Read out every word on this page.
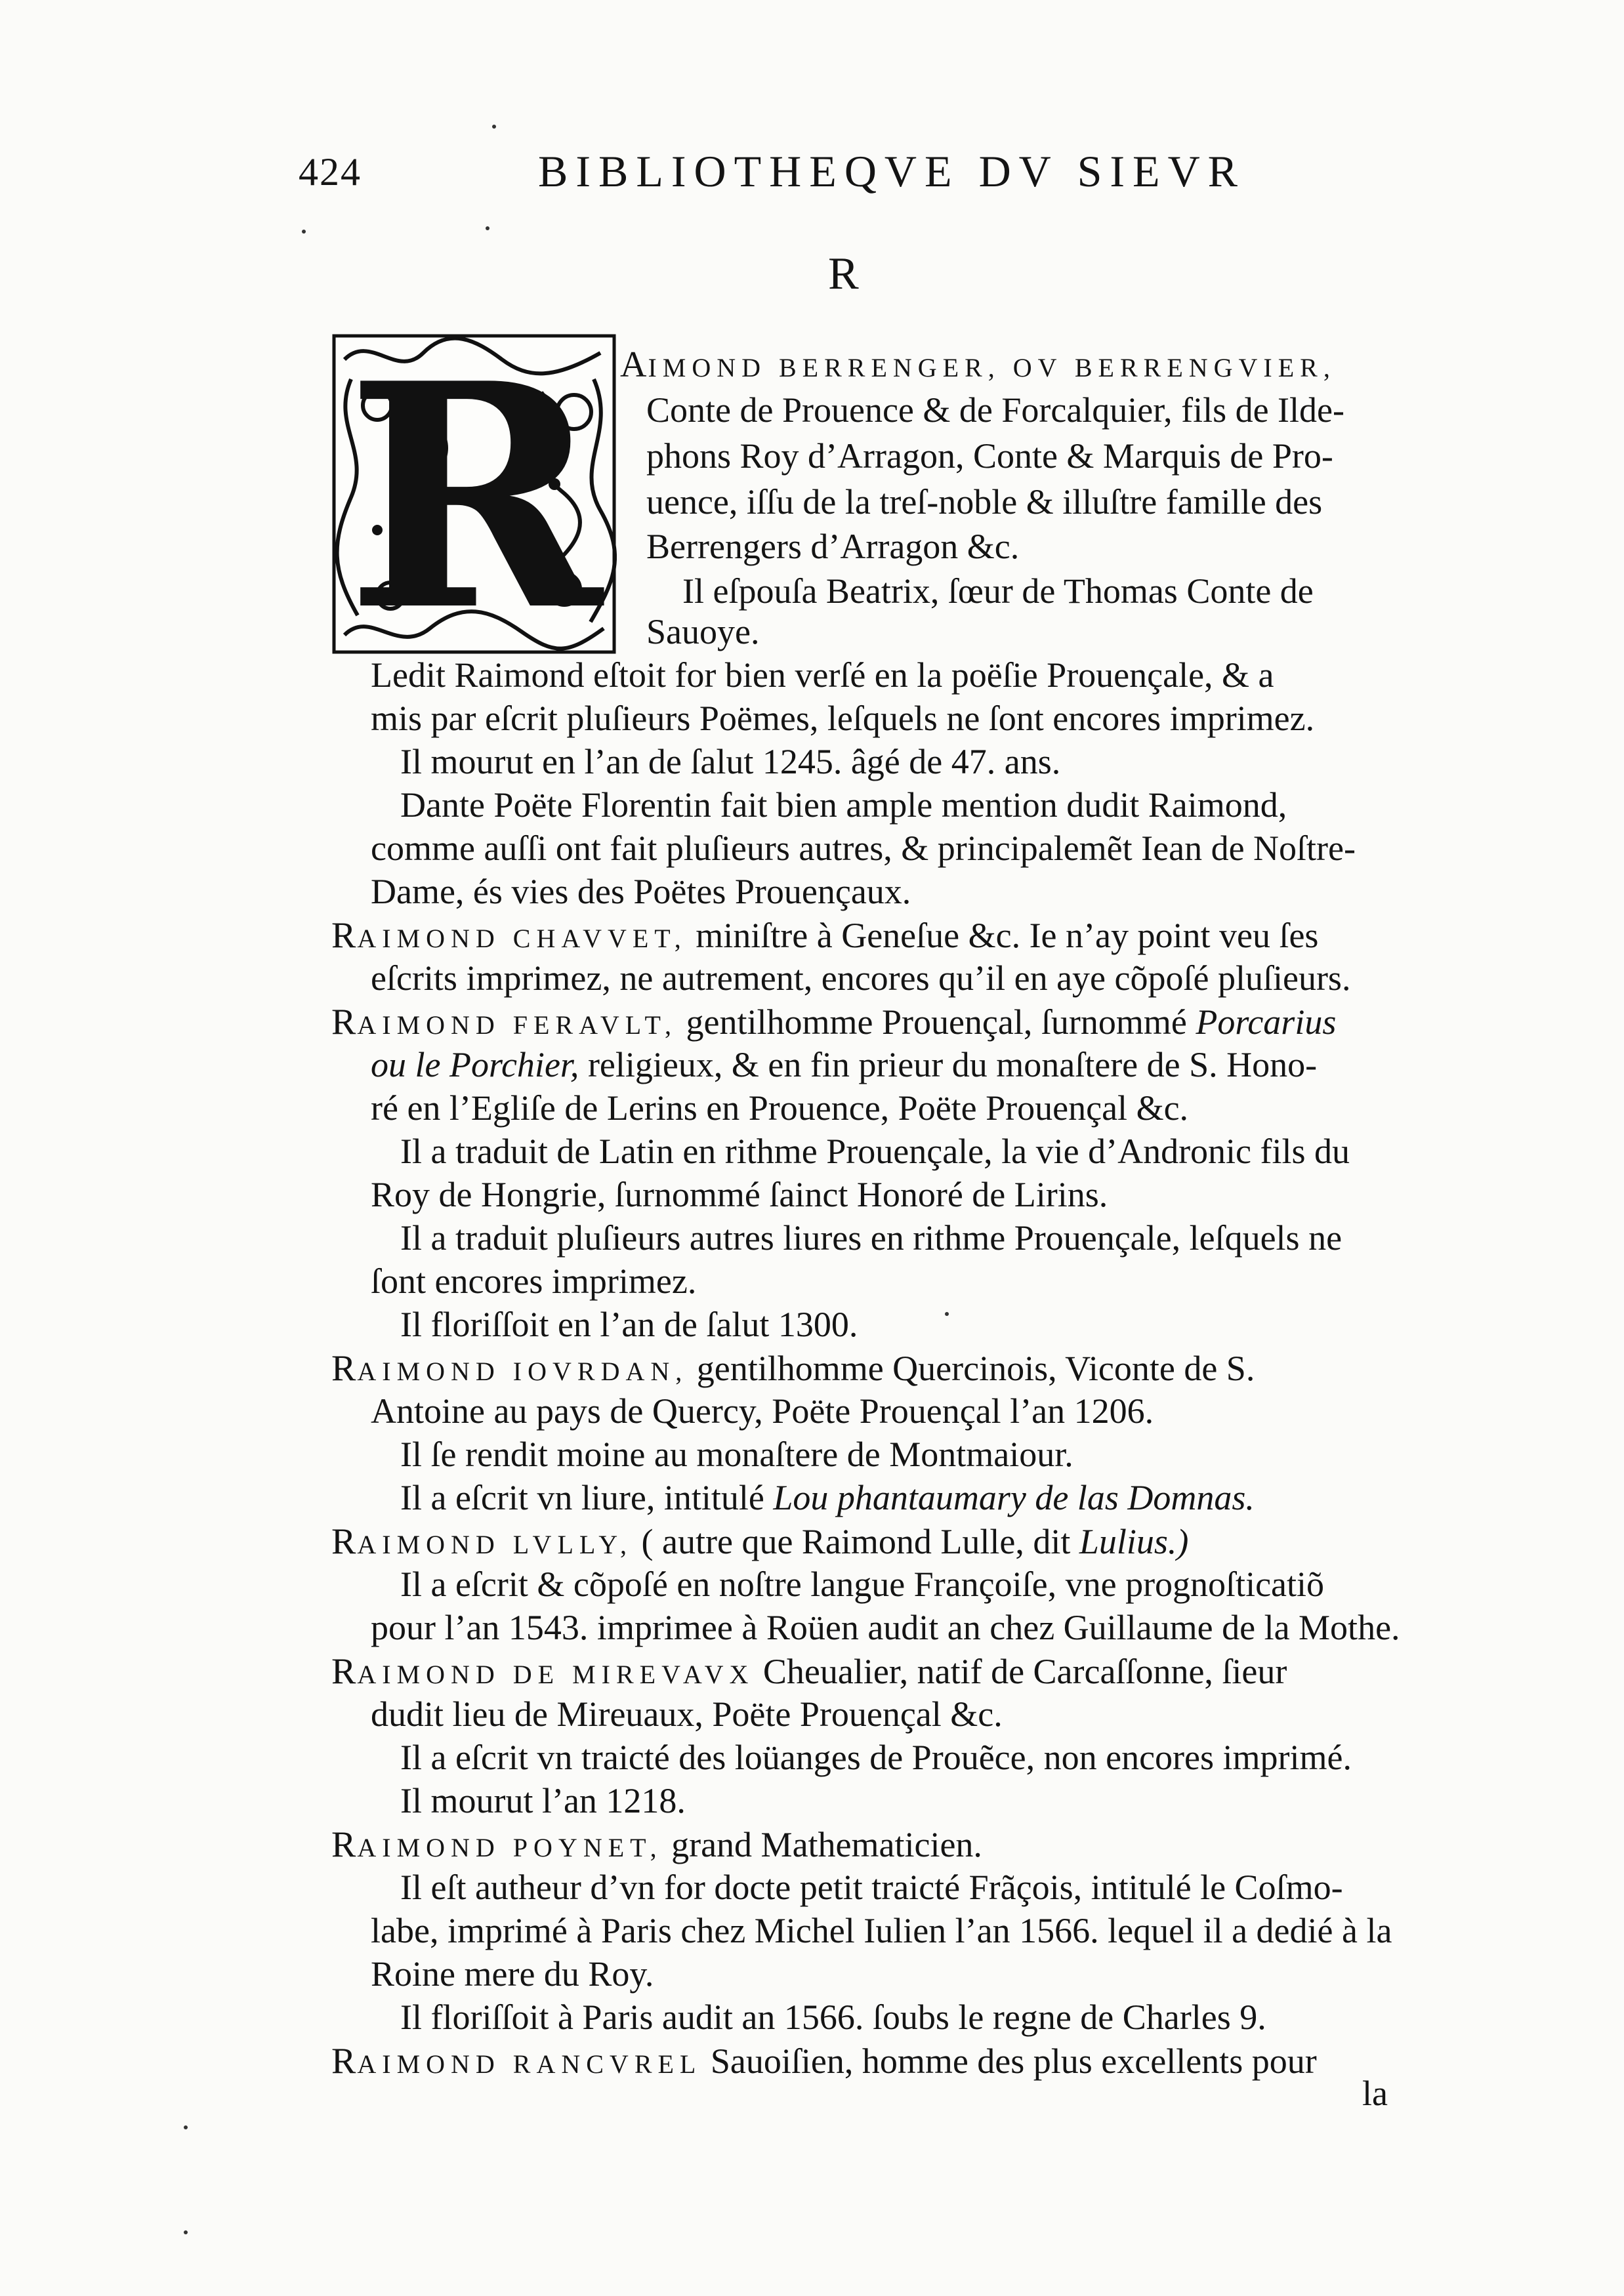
424	BIBLIOTHEQVE DV SIEVR
R
R AIMOND BERRENGER, OV BERRENGVIER,
Conte de Prouence & de Forcalquier, fils de Ilde-
phons Roy d’Arragon, Conte & Marquis de Pro-
uence, iſſu de la treſ-noble & illuſtre famille des
Berrengers d’Arragon &c.
Il eſpouſa Beatrix, ſœur de Thomas Conte de
Sauoye.
Ledit Raimond eſtoit for bien verſé en la poëſie Prouençale, & a
mis par eſcrit pluſieurs Poëmes, leſquels ne ſont encores imprimez.
Il mourut en l’an de ſalut 1245. âgé de 47. ans.
Dante Poëte Florentin fait bien ample mention dudit Raimond,
comme auſſi ont fait pluſieurs autres, & principalemẽt Iean de Noſtre-
Dame, és vies des Poëtes Prouençaux.
RAIMOND CHAVVET, miniſtre à Geneſue &c. Ie n’ay point veu ſes
eſcrits imprimez, ne autrement, encores qu’il en aye cõpoſé pluſieurs.
RAIMOND FERAVLT, gentilhomme Prouençal, ſurnommé Porcarius
ou le Porchier, religieux, & en fin prieur du monaſtere de S. Hono-
ré en l’Egliſe de Lerins en Prouence, Poëte Prouençal &c.
Il a traduit de Latin en rithme Prouençale, la vie d’Andronic fils du
Roy de Hongrie, ſurnommé ſainct Honoré de Lirins.
Il a traduit pluſieurs autres liures en rithme Prouençale, leſquels ne
ſont encores imprimez.
Il floriſſoit en l’an de ſalut 1300.
RAIMOND IOVRDAN, gentilhomme Quercinois, Viconte de S.
Antoine au pays de Quercy, Poëte Prouençal l’an 1206.
Il ſe rendit moine au monaſtere de Montmaiour.
Il a eſcrit vn liure, intitulé Lou phantaumary de las Domnas.
RAIMOND LVLLY, ( autre que Raimond Lulle, dit Lulius.)
Il a eſcrit & cõpoſé en noſtre langue Françoiſe, vne prognoſticatiõ
pour l’an 1543. imprimee à Roüen audit an chez Guillaume de la Mothe.
RAIMOND DE MIREVAVX Cheualier, natif de Carcaſſonne, ſieur
dudit lieu de Mireuaux, Poëte Prouençal &c.
Il a eſcrit vn traicté des loüanges de Prouẽce, non encores imprimé.
Il mourut l’an 1218.
RAIMOND POYNET, grand Mathematicien.
Il eſt autheur d’vn for docte petit traicté Frãçois, intitulé le Coſmo-
labe, imprimé à Paris chez Michel Iulien l’an 1566. lequel il a dedié à la
Roine mere du Roy.
Il floriſſoit à Paris audit an 1566. ſoubs le regne de Charles 9.
RAIMOND RANCVREL Sauoiſien, homme des plus excellents pour
la
